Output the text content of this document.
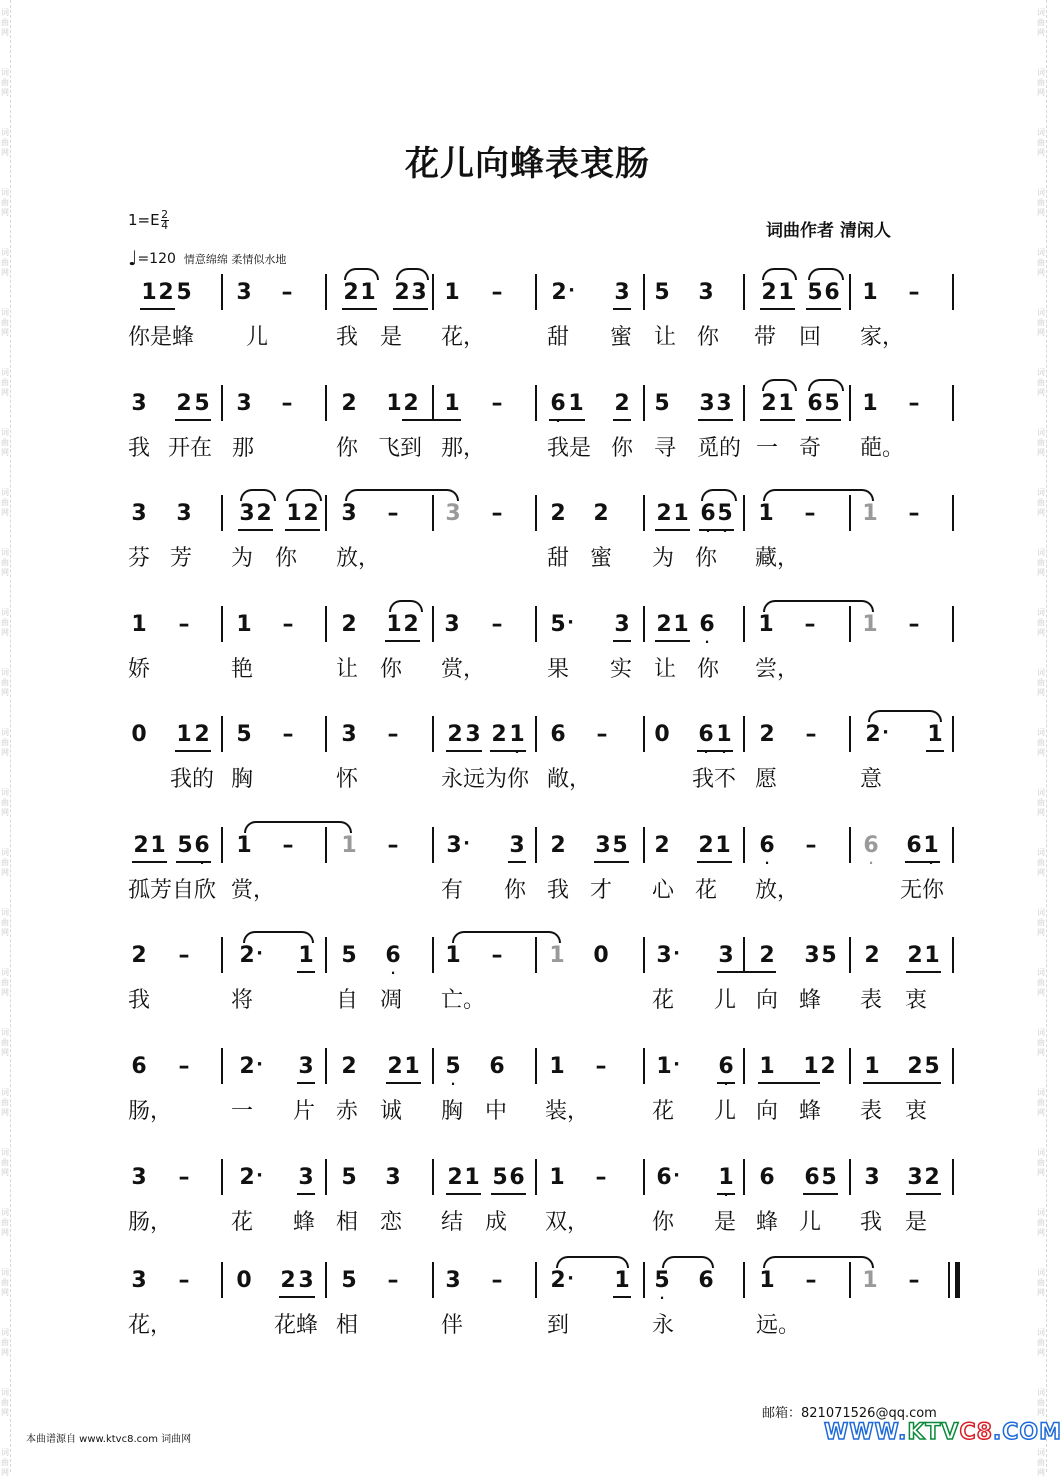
词
曲
网
词
曲
网
词
曲
网
词
曲
网
词
曲
网
词
曲
网
词
曲
网
词
曲
网
词
曲
网
词
曲
网
词
曲
网
词
曲
网
词
曲
网
词
曲
网
词
曲
网
词
曲
网
词
曲
网
词
曲
网
词
曲
网
词
曲
网
词
曲
网
词
曲
网
词
曲
网
词
曲
网
词
曲
网
词
曲
网
词
曲
网
词
曲
网
词
曲
网
词
曲
网
词
曲
网
词
曲
网
词
曲
网
词
曲
网
词
曲
网
词
曲
网
词
曲
网
词
曲
网
词
曲
网
词
曲
网
词
曲
网
词
曲
网
词
曲
网
词
曲
网
词
曲
网
词
曲
网
词
曲
网
词
曲
网
词
曲
网
词
曲
网
花儿向蜂表衷肠
$1=E \frac{2}{4}$
♩=120 情意绵绵 柔情似水地
词曲作者 清闲人
1 2 5 3 – 2 1 2 3 1 – 2 · 3 5 3 2 1 5 6 1 –
你是蜂 儿	我 是 花，	甜 蜜 让 你 带 回 家，
3 2 5 3 – 2 1 2 1 – 6
·
1 2 5 3 3 2 1 6 5 1 –
我 开在 那	你 飞到 那，	我是 你 寻 觅的 一 奇 葩。
3 3 3 2 1 2 3 – 3 – 2 2 2 1 6
·
5
·
1 – 1 –
芬 芳 为 你 放，	甜 蜜 为 你 藏，
1 – 1 – 2 1 2 3 – 5 · 3 2 1 6
·
1 – 1 –
娇	艳	让 你 赏，	果 实 让 你 尝，
0 1 2 5 – 3 – 2 3 2 1
·
6 – 0 6
·
1
·
2 – 2 · 1
我的 胸	怀	永远为你 敞，	我不 愿	意
2 1 5 6
·
1 – 1 – 3 · 3 2 3 5 2 2 1 6
·
– 6
·
6 1
·
孤芳自欣 赏，	有 你 我 才 心 花 放，	无你
2 – 2 · 1 5 6
·
1 – 1 0 3 · 3 2 3 5 2 2 1
我	将	自 凋 亡。	花 儿 向 蜂 表 衷
6 – 2 · 3 2 2 1 5
·
6 1 – 1 · 6
·
1 1 2 1 2 5
肠，	一 片 赤 诚 胸 中 装，	花 儿 向 蜂 表 衷
3 – 2 · 3 5 3 2 1 5 6 1 – 6 · 1
·
6 6 5 3 3 2
肠，	花 蜂 相 恋 结 成 双，	你 是 蜂 儿 我 是
3 – 0 2 3 5 – 3 – 2 · 1 5
·
6 1 – 1 –
花，	花蜂 相	伴	到	永	远。
邮箱：821071526@qq.com
本曲谱源自 www.ktvc8.com 词曲网	WWW.KTVC8.COM
